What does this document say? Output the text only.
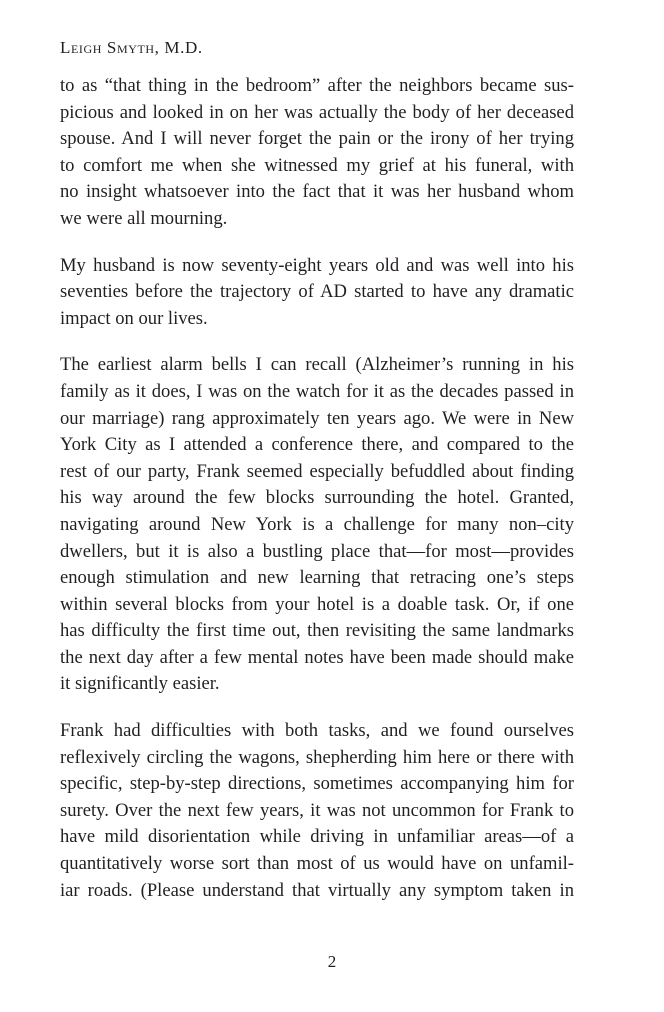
Leigh Smyth, M.D.
to as “that thing in the bedroom” after the neighbors became sus-
picious and looked in on her was actually the body of her deceased
spouse. And I will never forget the pain or the irony of her trying
to comfort me when she witnessed my grief at his funeral, with
no insight whatsoever into the fact that it was her husband whom
we were all mourning.
My husband is now seventy-eight years old and was well into his
seventies before the trajectory of AD started to have any dramatic
impact on our lives.
The earliest alarm bells I can recall (Alzheimer’s running in his
family as it does, I was on the watch for it as the decades passed in
our marriage) rang approximately ten years ago. We were in New
York City as I attended a conference there, and compared to the
rest of our party, Frank seemed especially befuddled about finding
his way around the few blocks surrounding the hotel. Granted,
navigating around New York is a challenge for many non–city
dwellers, but it is also a bustling place that—for most—provides
enough stimulation and new learning that retracing one’s steps
within several blocks from your hotel is a doable task. Or, if one
has difficulty the first time out, then revisiting the same landmarks
the next day after a few mental notes have been made should make
it significantly easier.
Frank had difficulties with both tasks, and we found ourselves
reflexively circling the wagons, shepherding him here or there with
specific, step-by-step directions, sometimes accompanying him for
surety. Over the next few years, it was not uncommon for Frank to
have mild disorientation while driving in unfamiliar areas—of a
quantitatively worse sort than most of us would have on unfamil-
iar roads. (Please understand that virtually any symptom taken in
2
